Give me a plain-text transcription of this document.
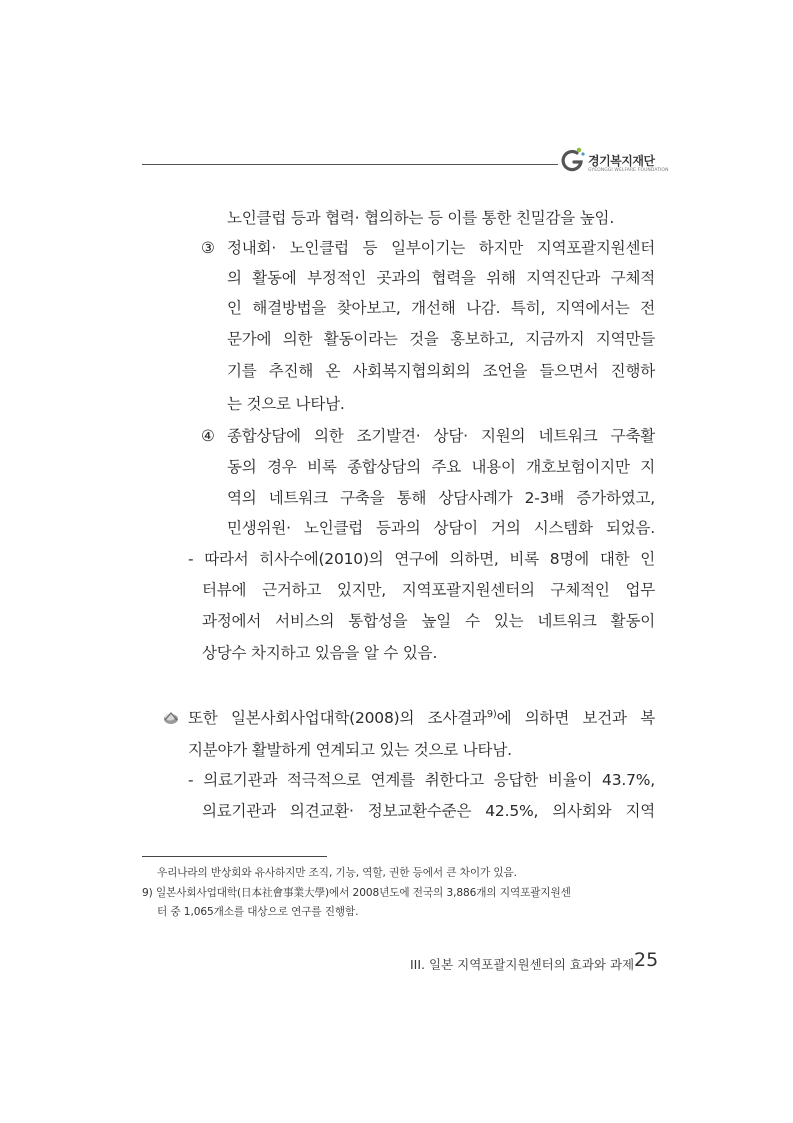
경기복지재단
GYEONGGI WELFARE FOUNDATION
노인클럽 등과 협력· 협의하는 등 이를 통한 친밀감을 높임.
③ 정내회· 노인클럽 등 일부이기는 하지만 지역포괄지원센터
의 활동에 부정적인 곳과의 협력을 위해 지역진단과 구체적
인 해결방법을 찾아보고, 개선해 나감. 특히, 지역에서는 전
문가에 의한 활동이라는 것을 홍보하고, 지금까지 지역만들
기를 추진해 온 사회복지협의회의 조언을 들으면서 진행하
는 것으로 나타남.
④ 종합상담에 의한 조기발견· 상담· 지원의 네트워크 구축활
동의 경우 비록 종합상담의 주요 내용이 개호보험이지만 지
역의 네트워크 구축을 통해 상담사례가 2-3배 증가하였고,
민생위원· 노인클럽 등과의 상담이 거의 시스템화 되었음.
- 따라서 히사수에(2010)의 연구에 의하면, 비록 8명에 대한 인
터뷰에 근거하고 있지만, 지역포괄지원센터의 구체적인 업무
과정에서 서비스의 통합성을 높일 수 있는 네트워크 활동이
상당수 차지하고 있음을 알 수 있음.
또한 일본사회사업대학(2008)의 조사결과$^{9)}$에 의하면 보건과 복
지분야가 활발하게 연계되고 있는 것으로 나타남.
- 의료기관과 적극적으로 연계를 취한다고 응답한 비율이 43.7%,
의료기관과 의견교환· 정보교환수준은 42.5%, 의사회와 지역
우리나라의 반상회와 유사하지만 조직, 기능, 역할, 권한 등에서 큰 차이가 있음.
9) 일본사회사업대학(日本社會事業大學)에서 2008년도에 전국의 3,886개의 지역포괄지원센
터 중 1,065개소를 대상으로 연구를 진행함.
III. 일본 지역포괄지원센터의 효과와 과제 25
